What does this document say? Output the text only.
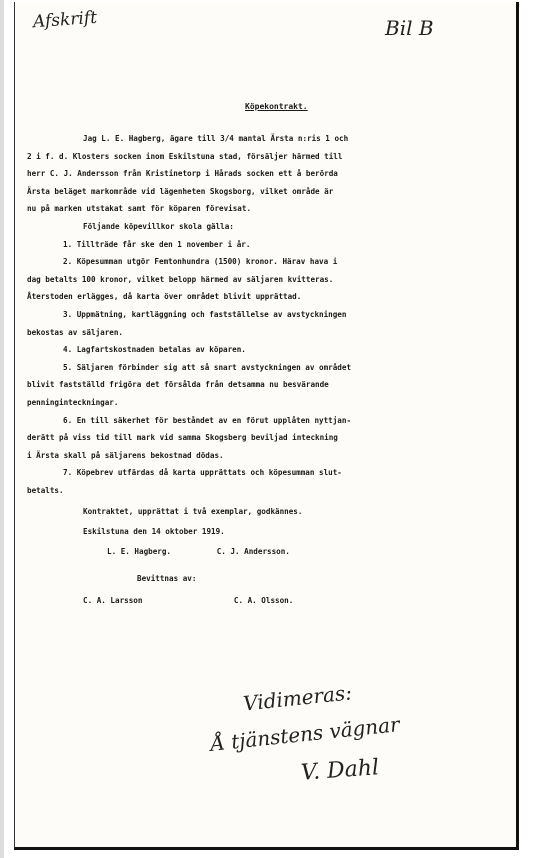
Afskrift	Bil B
Köpekontrakt.
Jag L. E. Hagberg, ägare till 3/4 mantal Ärsta n:ris 1 och
2 i f. d. Klosters socken inom Eskilstuna stad, försäljer härmed till
herr C. J. Andersson från Kristinetorp i Hårads socken ett å berörda
Ärsta beläget markområde vid lägenheten Skogsborg, vilket område är
nu på marken utstakat samt för köparen förevisat.
Följande köpevillkor skola gälla:
1. Tillträde får ske den 1 november i år.
2. Köpesumman utgör Femtonhundra (1500) kronor. Härav hava i
dag betalts 100 kronor, vilket belopp härmed av säljaren kvitteras.
Återstoden erlägges, då karta över området blivit upprättad.
3. Uppmätning, kartläggning och fastställelse av avstyckningen
bekostas av säljaren.
4. Lagfartskostnaden betalas av köparen.
5. Säljaren förbinder sig att så snart avstyckningen av området
blivit fastställd frigöra det försålda från detsamma nu besvärande
penninginteckningar.
6. En till säkerhet för beståndet av en förut upplåten nyttjan-
derätt på viss tid till mark vid samma Skogsberg beviljad inteckning
i Ärsta skall på säljarens bekostnad dödas.
7. Köpebrev utfärdas då karta upprättats och köpesumman slut-
betalts.
Kontraktet, upprättat i två exemplar, godkännes.
Eskilstuna den 14 oktober 1919.
L. E. Hagberg.          C. J. Andersson.
Bevittnas av:
C. A. Larsson                    C. A. Olsson.
Vidimeras:
Å tjänstens vägnar
V. Dahl
